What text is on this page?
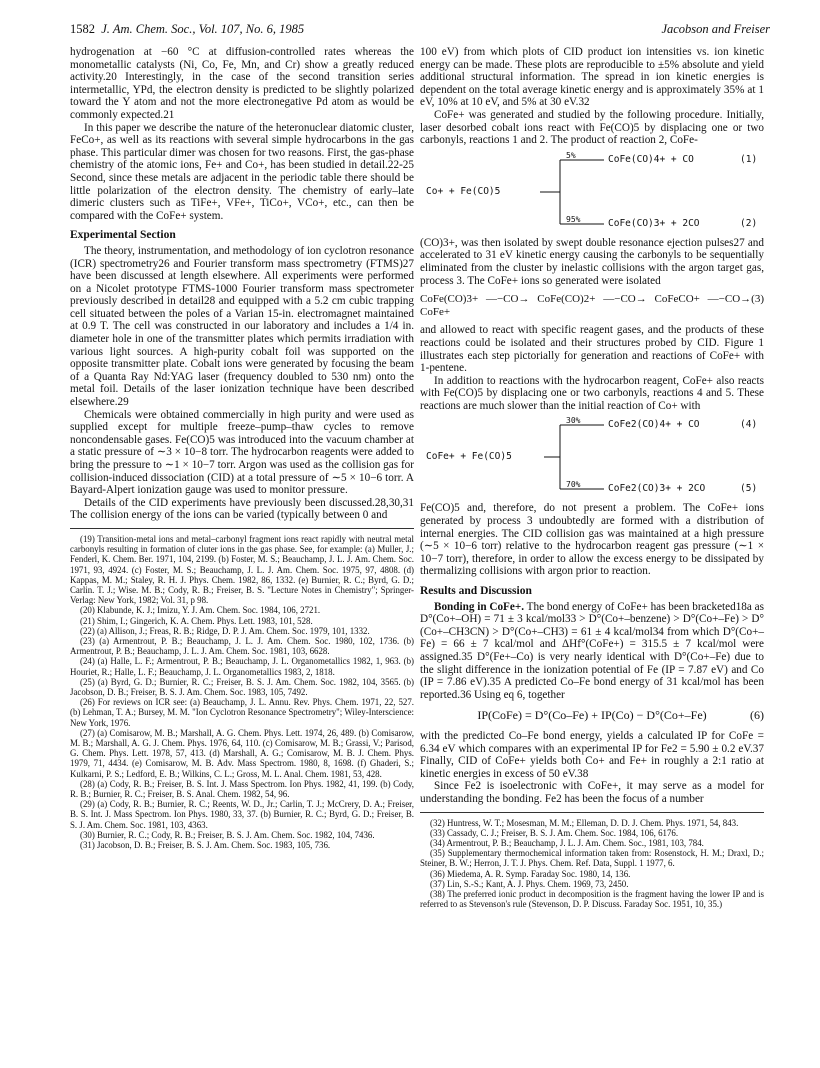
1582 J. Am. Chem. Soc., Vol. 107, No. 6, 1985	Jacobson and Freiser

hydrogenation at −60 °C at diffusion-controlled rates whereas the monometallic catalysts (Ni, Co, Fe, Mn, and Cr) show a greatly reduced activity.20 Interestingly, in the case of the second transition series intermetallic, YPd, the electron density is predicted to be slightly polarized toward the Y atom and not the more electronegative Pd atom as would be commonly expected.21

In this paper we describe the nature of the heteronuclear diatomic cluster, FeCo+, as well as its reactions with several simple hydrocarbons in the gas phase. This particular dimer was chosen for two reasons. First, the gas-phase chemistry of the atomic ions, Fe+ and Co+, has been studied in detail.22-25 Second, since these metals are adjacent in the periodic table there should be little polarization of the electron density. The chemistry of early–late dimeric clusters such as TiFe+, VFe+, TiCo+, VCo+, etc., can then be compared with the CoFe+ system.

Experimental Section

The theory, instrumentation, and methodology of ion cyclotron resonance (ICR) spectrometry26 and Fourier transform mass spectrometry (FTMS)27 have been discussed at length elsewhere. All experiments were performed on a Nicolet prototype FTMS-1000 Fourier transform mass spectrometer previously described in detail28 and equipped with a 5.2 cm cubic trapping cell situated between the poles of a Varian 15-in. electromagnet maintained at 0.9 T. The cell was constructed in our laboratory and includes a 1/4 in. diameter hole in one of the transmitter plates which permits irradiation with various light sources. A high-purity cobalt foil was supported on the opposite transmitter plate. Cobalt ions were generated by focusing the beam of a Quanta Ray Nd:YAG laser (frequency doubled to 530 nm) onto the metal foil. Details of the laser ionization technique have been described elsewhere.29

Chemicals were obtained commercially in high purity and were used as supplied except for multiple freeze–pump–thaw cycles to remove noncondensable gases. Fe(CO)5 was introduced into the vacuum chamber at a static pressure of ∼3 × 10−8 torr. The hydrocarbon reagents were added to bring the pressure to ∼1 × 10−7 torr. Argon was used as the collision gas for collision-induced dissociation (CID) at a total pressure of ∼5 × 10−6 torr. A Bayard-Alpert ionization gauge was used to monitor pressure.

Details of the CID experiments have previously been discussed.28,30,31 The collision energy of the ions can be varied (typically between 0 and

(19) Transition-metal ions and metal–carbonyl fragment ions react rapidly with neutral metal carbonyls resulting in formation of cluter ions in the gas phase. See, for example: (a) Muller, J.; Fenderl, K. Chem. Ber. 1971, 104, 2199. (b) Foster, M. S.; Beauchamp, J. L. J. Am. Chem. Soc. 1971, 93, 4924. (c) Foster, M. S.; Beauchamp, J. L. J. Am. Chem. Soc. 1975, 97, 4808. (d) Kappas, M. M.; Staley, R. H. J. Phys. Chem. 1982, 86, 1332. (e) Burnier, R. C.; Byrd, G. D.; Carlin. T. J.; Wise. M. B.; Cody, R. B.; Freiser, B. S. "Lecture Notes in Chemistry"; Springer-Verlag: New York, 1982; Vol. 31, p 98.

(20) Klabunde, K. J.; Imizu, Y. J. Am. Chem. Soc. 1984, 106, 2721.

(21) Shim, I.; Gingerich, K. A. Chem. Phys. Lett. 1983, 101, 528.

(22) (a) Allison, J.; Freas, R. B.; Ridge, D. P. J. Am. Chem. Soc. 1979, 101, 1332.

(23) (a) Armentrout, P. B.; Beauchamp, J. L. J. Am. Chem. Soc. 1980, 102, 1736. (b) Armentrout, P. B.; Beauchamp, J. L. J. Am. Chem. Soc. 1981, 103, 6628.

(24) (a) Halle, L. F.; Armentrout, P. B.; Beauchamp, J. L. Organometallics 1982, 1, 963. (b) Houriet, R.; Halle, L. F.; Beauchamp, J. L. Organometallics 1983, 2, 1818.

(25) (a) Byrd, G. D.; Burnier, R. C.; Freiser, B. S. J. Am. Chem. Soc. 1982, 104, 3565. (b) Jacobson, D. B.; Freiser, B. S. J. Am. Chem. Soc. 1983, 105, 7492.

(26) For reviews on ICR see: (a) Beauchamp, J. L. Annu. Rev. Phys. Chem. 1971, 22, 527. (b) Lehman, T. A.; Bursey, M. M. "Ion Cyclotron Resonance Spectrometry"; Wiley-Interscience: New York, 1976.

(27) (a) Comisarow, M. B.; Marshall, A. G. Chem. Phys. Lett. 1974, 26, 489. (b) Comisarow, M. B.; Marshall, A. G. J. Chem. Phys. 1976, 64, 110. (c) Comisarow, M. B.; Grassi, V.; Parisod, G. Chem. Phys. Lett. 1978, 57, 413. (d) Marshall, A. G.; Comisarow, M. B. J. Chem. Phys. 1979, 71, 4434. (e) Comisarow, M. B. Adv. Mass Spectrom. 1980, 8, 1698. (f) Ghaderi, S.; Kulkarni, P. S.; Ledford, E. B.; Wilkins, C. L.; Gross, M. L. Anal. Chem. 1981, 53, 428.

(28) (a) Cody, R. B.; Freiser, B. S. Int. J. Mass Spectrom. Ion Phys. 1982, 41, 199. (b) Cody, R. B.; Burnier, R. C.; Freiser, B. S. Anal. Chem. 1982, 54, 96.

(29) (a) Cody, R. B.; Burnier, R. C.; Reents, W. D., Jr.; Carlin, T. J.; McCrery, D. A.; Freiser, B. S. Int. J. Mass Spectrom. Ion Phys. 1980, 33, 37. (b) Burnier, R. C.; Byrd, G. D.; Freiser, B. S. J. Am. Chem. Soc. 1981, 103, 4363.

(30) Burnier, R. C.; Cody, R. B.; Freiser, B. S. J. Am. Chem. Soc. 1982, 104, 7436.

(31) Jacobson, D. B.; Freiser, B. S. J. Am. Chem. Soc. 1983, 105, 736.

100 eV) from which plots of CID product ion intensities vs. ion kinetic energy can be made. These plots are reproducible to ±5% absolute and yield additional structural information. The spread in ion kinetic energies is dependent on the total average kinetic energy and is approximately 35% at 1 eV, 10% at 10 eV, and 5% at 30 eV.32

CoFe+ was generated and studied by the following procedure. Initially, laser desorbed cobalt ions react with Fe(CO)5 by displacing one or two carbonyls, reactions 1 and 2. The product of reaction 2, CoFe-

Co+ + Fe(CO)5
5%	CoFe(CO)4+ + CO	(1)
95%	CoFe(CO)3+ + 2CO	(2)

(CO)3+, was then isolated by swept double resonance ejection pulses27 and accelerated to 31 eV kinetic energy causing the carbonyls to be sequentially eliminated from the cluster by inelastic collisions with the argon target gas, process 3. The CoFe+ ions so generated were isolated

CoFe(CO)3+ —−CO→ CoFe(CO)2+ —−CO→ CoFeCO+ —−CO→ CoFe+
(3)

and allowed to react with specific reagent gases, and the products of these reactions could be isolated and their structures probed by CID. Figure 1 illustrates each step pictorially for generation and reactions of CoFe+ with 1-pentene.

In addition to reactions with the hydrocarbon reagent, CoFe+ also reacts with Fe(CO)5 by displacing one or two carbonyls, reactions 4 and 5. These reactions are much slower than the initial reaction of Co+ with

CoFe+ + Fe(CO)5
30%	CoFe2(CO)4+ + CO	(4)
70%	CoFe2(CO)3+ + 2CO	(5)

Fe(CO)5 and, therefore, do not present a problem. The CoFe+ ions generated by process 3 undoubtedly are formed with a distribution of internal energies. The CID collision gas was maintained at a high pressure (∼5 × 10−6 torr) relative to the hydrocarbon reagent gas pressure (∼1 × 10−7 torr), therefore, in order to allow the excess energy to be dissipated by thermalizing collisions with argon prior to reaction.

Results and Discussion

Bonding in CoFe+. The bond energy of CoFe+ has been bracketed18a as D°(Co+–OH) = 71 ± 3 kcal/mol33 > D°(Co+–benzene) > D°(Co+–Fe) > D°(Co+–CH3CN) > D°(Co+–CH3) = 61 ± 4 kcal/mol34 from which D°(Co+–Fe) = 66 ± 7 kcal/mol and ΔHf°(CoFe+) = 315.5 ± 7 kcal/mol were assigned.35 D°(Fe+–Co) is very nearly identical with D°(Co+–Fe) due to the slight difference in the ionization potential of Fe (IP = 7.87 eV) and Co (IP = 7.86 eV).35 A predicted Co–Fe bond energy of 31 kcal/mol has been reported.36 Using eq 6, together

IP(CoFe) = D°(Co–Fe) + IP(Co) − D°(Co+–Fe)	(6)

with the predicted Co–Fe bond energy, yields a calculated IP for CoFe = 6.34 eV which compares with an experimental IP for Fe2 = 5.90 ± 0.2 eV.37 Finally, CID of CoFe+ yields both Co+ and Fe+ in roughly a 2:1 ratio at kinetic energies in excess of 50 eV.38

Since Fe2 is isoelectronic with CoFe+, it may serve as a model for understanding the bonding. Fe2 has been the focus of a number

(32) Huntress, W. T.; Mosesman, M. M.; Elleman, D. D. J. Chem. Phys. 1971, 54, 843.

(33) Cassady, C. J.; Freiser, B. S. J. Am. Chem. Soc. 1984, 106, 6176.

(34) Armentrout, P. B.; Beauchamp, J. L. J. Am. Chem. Soc., 1981, 103, 784.

(35) Supplementary thermochemical information taken from: Rosenstock, H. M.; Draxl, D.; Steiner, B. W.; Herron, J. T. J. Phys. Chem. Ref. Data, Suppl. 1 1977, 6.

(36) Miedema, A. R. Symp. Faraday Soc. 1980, 14, 136.

(37) Lin, S.-S.; Kant, A. J. Phys. Chem. 1969, 73, 2450.

(38) The preferred ionic product in decomposition is the fragment having the lower IP and is referred to as Stevenson's rule (Stevenson, D. P. Discuss. Faraday Soc. 1951, 10, 35.)
